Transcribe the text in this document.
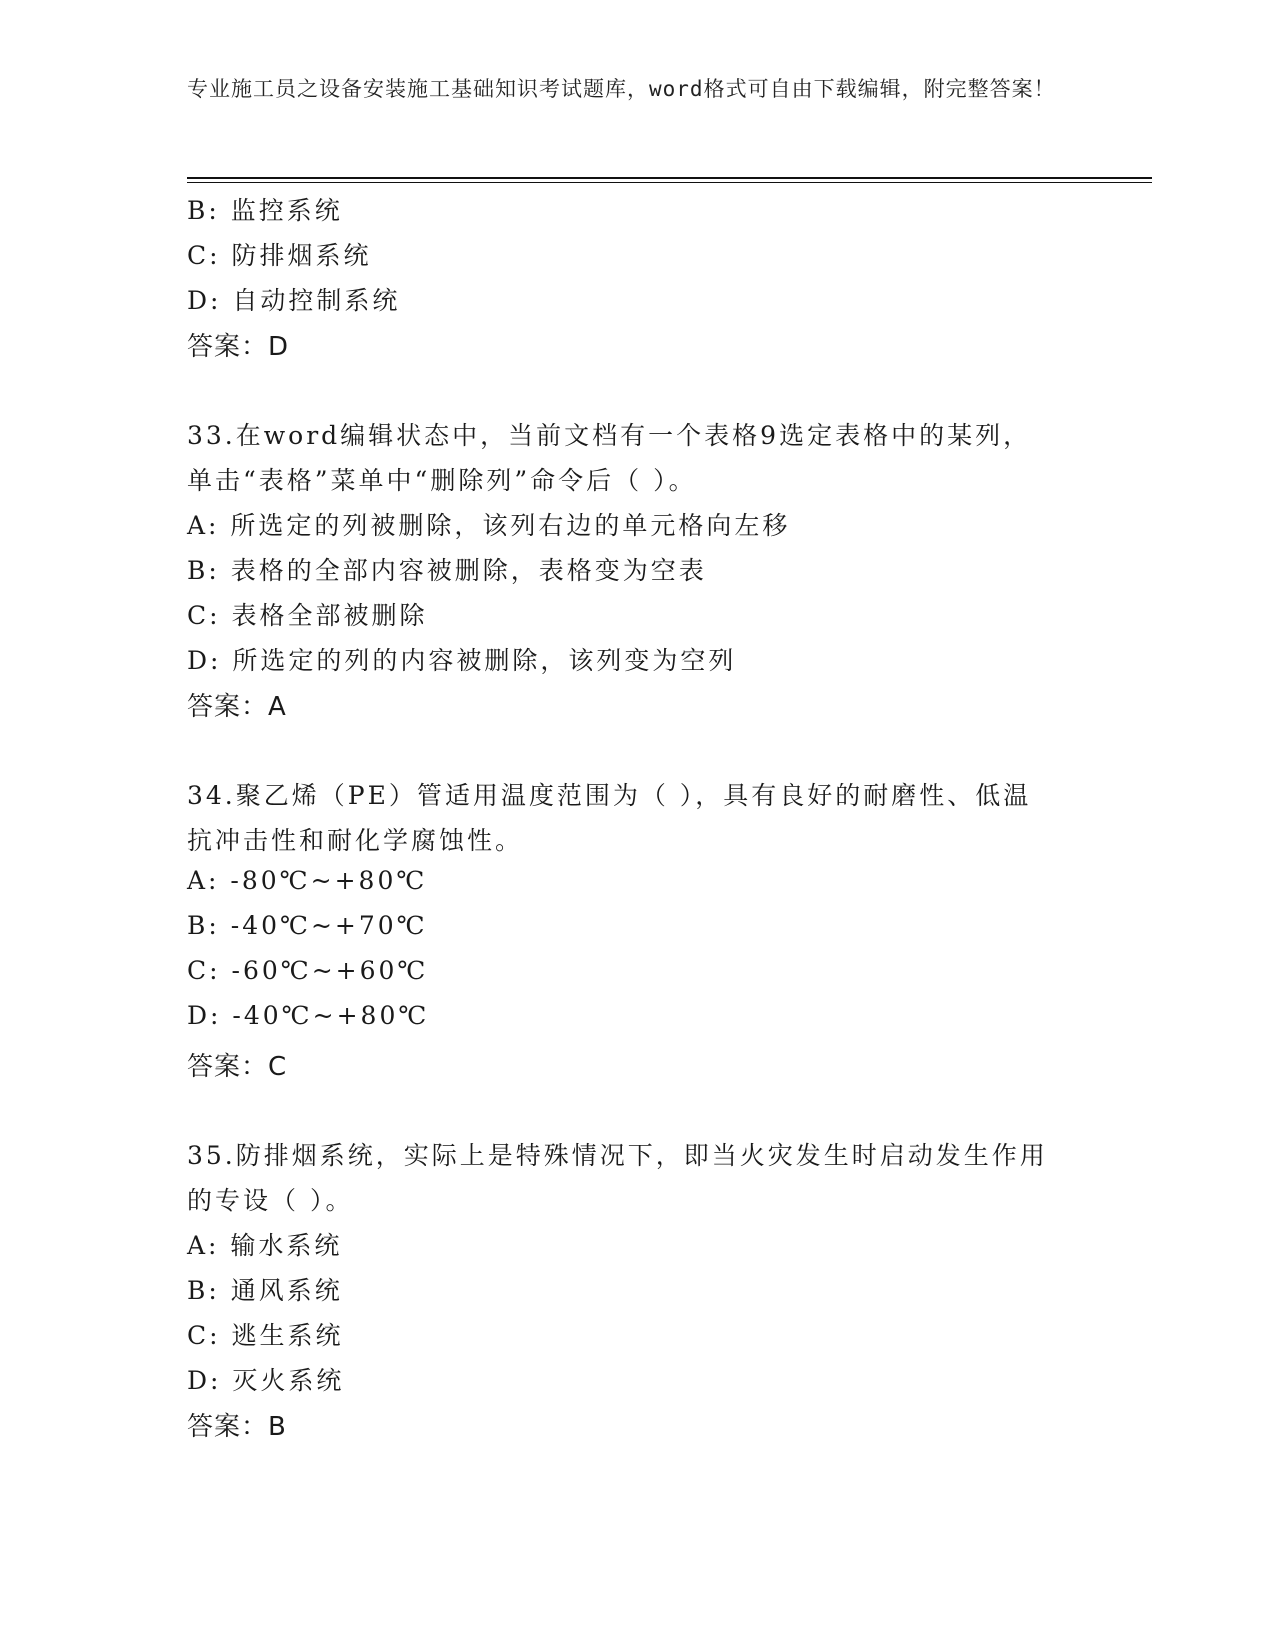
专业施工员之设备安装施工基础知识考试题库，word格式可自由下载编辑，附完整答案！
B: 监控系统
C: 防排烟系统
D: 自动控制系统
答案：D
33.在word编辑状态中，当前文档有一个表格9选定表格中的某列，
单击“表格”菜单中“删除列”命令后（ ）。
A: 所选定的列被删除，该列右边的单元格向左移
B: 表格的全部内容被删除，表格变为空表
C: 表格全部被删除
D: 所选定的列的内容被删除，该列变为空列
答案：A
34.聚乙烯（PE）管适用温度范围为（ ），具有良好的耐磨性、低温
抗冲击性和耐化学腐蚀性。
A: -80℃~+80℃
B: -40℃~+70℃
C: -60℃~+60℃
D: -40℃~+80℃
答案：C
35.防排烟系统，实际上是特殊情况下，即当火灾发生时启动发生作用
的专设（ ）。
A: 输水系统
B: 通风系统
C: 逃生系统
D: 灭火系统
答案：B
